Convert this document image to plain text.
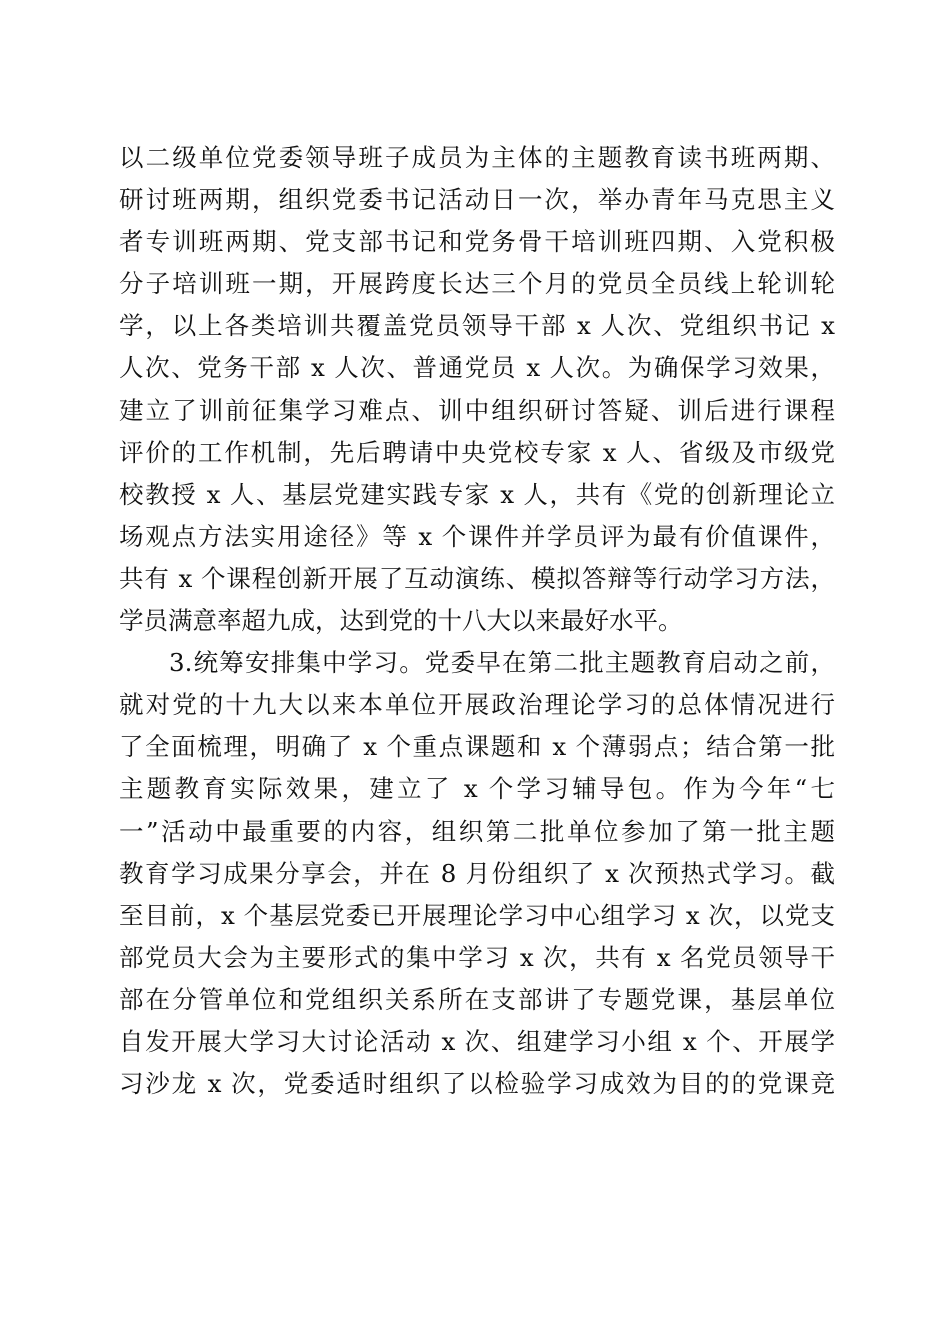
以二级单位党委领导班子成员为主体的主题教育读书班两期、
研讨班两期，组织党委书记活动日一次，举办青年马克思主义
者专训班两期、党支部书记和党务骨干培训班四期、入党积极
分子培训班一期，开展跨度长达三个月的党员全员线上轮训轮
学，以上各类培训共覆盖党员领导干部 x 人次、党组织书记 x
人次、党务干部 x 人次、普通党员 x 人次。为确保学习效果，
建立了训前征集学习难点、训中组织研讨答疑、训后进行课程
评价的工作机制，先后聘请中央党校专家 x 人、省级及市级党
校教授 x 人、基层党建实践专家 x 人，共有《党的创新理论立
场观点方法实用途径》等 x 个课件并学员评为最有价值课件，
共有 x 个课程创新开展了互动演练、模拟答辩等行动学习方法，
学员满意率超九成，达到党的十八大以来最好水平。
3.统筹安排集中学习。党委早在第二批主题教育启动之前，
就对党的十九大以来本单位开展政治理论学习的总体情况进行
了全面梳理，明确了 x 个重点课题和 x 个薄弱点；结合第一批
主题教育实际效果，建立了 x 个学习辅导包。作为今年“七
一”活动中最重要的内容，组织第二批单位参加了第一批主题
教育学习成果分享会，并在 8 月份组织了 x 次预热式学习。截
至目前，x 个基层党委已开展理论学习中心组学习 x 次，以党支
部党员大会为主要形式的集中学习 x 次，共有 x 名党员领导干
部在分管单位和党组织关系所在支部讲了专题党课，基层单位
自发开展大学习大讨论活动 x 次、组建学习小组 x 个、开展学
习沙龙 x 次，党委适时组织了以检验学习成效为目的的党课竞
